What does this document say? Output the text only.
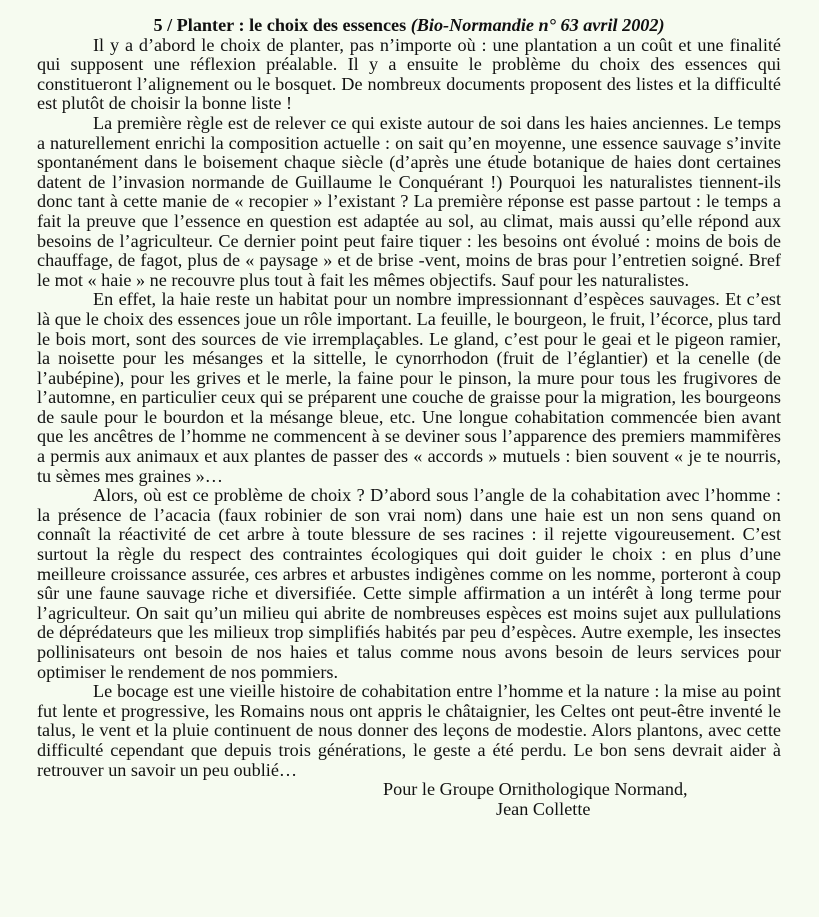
5 / Planter : le choix des essences (Bio-Normandie n° 63 avril 2002)

Il y a d’abord le choix de planter, pas n’importe où : une plantation a un coût et une finalité qui supposent une réflexion préalable. Il y a ensuite le problème du choix des essences qui constitueront l’alignement ou le bosquet. De nombreux documents proposent des listes et la difficulté est plutôt de choisir la bonne liste !

La première règle est de relever ce qui existe autour de soi dans les haies anciennes. Le temps a naturellement enrichi la composition actuelle : on sait qu’en moyenne, une essence sauvage s’invite spontanément dans le boisement chaque siècle (d’après une étude botanique de haies dont certaines datent de l’invasion normande de Guillaume le Conquérant !) Pourquoi les naturalistes tiennent-ils donc tant à cette manie de « recopier » l’existant ? La première réponse est passe partout : le temps a fait la preuve que l’essence en question est adaptée au sol, au climat, mais aussi qu’elle répond aux besoins de l’agriculteur. Ce dernier point peut faire tiquer : les besoins ont évolué : moins de bois de chauffage, de fagot, plus de « paysage » et de brise -vent, moins de bras pour l’entretien soigné. Bref le mot « haie » ne recouvre plus tout à fait les mêmes objectifs. Sauf pour les naturalistes.

En effet, la haie reste un habitat pour un nombre impressionnant d’espèces sauvages. Et c’est là que le choix des essences joue un rôle important. La feuille, le bourgeon, le fruit, l’écorce, plus tard le bois mort, sont des sources de vie irremplaçables. Le gland, c’est pour le geai et le pigeon ramier, la noisette pour les mésanges et la sittelle, le cynorrhodon (fruit de l’églantier) et la cenelle (de l’aubépine), pour les grives et le merle, la faine pour le pinson, la mure pour tous les frugivores de l’automne, en particulier ceux qui se préparent une couche de graisse pour la migration, les bourgeons de saule pour le bourdon et la mésange bleue, etc. Une longue cohabitation commencée bien avant que les ancêtres de l’homme ne commencent à se deviner sous l’apparence des premiers mammifères a permis aux animaux et aux plantes de passer des « accords » mutuels : bien souvent « je te nourris, tu sèmes mes graines »…

Alors, où est ce problème de choix ? D’abord sous l’angle de la cohabitation avec l’homme : la présence de l’acacia (faux robinier de son vrai nom) dans une haie est un non sens quand on connaît la réactivité de cet arbre à toute blessure de ses racines : il rejette vigoureusement. C’est surtout la règle du respect des contraintes écologiques qui doit guider le choix : en plus d’une meilleure croissance assurée, ces arbres et arbustes indigènes comme on les nomme, porteront à coup sûr une faune sauvage riche et diversifiée. Cette simple affirmation a un intérêt à long terme pour l’agriculteur. On sait qu’un milieu qui abrite de nombreuses espèces est moins sujet aux pullulations de déprédateurs que les milieux trop simplifiés habités par peu d’espèces. Autre exemple, les insectes pollinisateurs ont besoin de nos haies et talus comme nous avons besoin de leurs services pour optimiser le rendement de nos pommiers.

Le bocage est une vieille histoire de cohabitation entre l’homme et la nature : la mise au point fut lente et progressive, les Romains nous ont appris le châtaignier, les Celtes ont peut-être inventé le talus, le vent et la pluie continuent de nous donner des leçons de modestie. Alors plantons, avec cette difficulté cependant que depuis trois générations, le geste a été perdu. Le bon sens devrait aider à retrouver un savoir un peu oublié…

Pour le Groupe Ornithologique Normand,
Jean Collette
